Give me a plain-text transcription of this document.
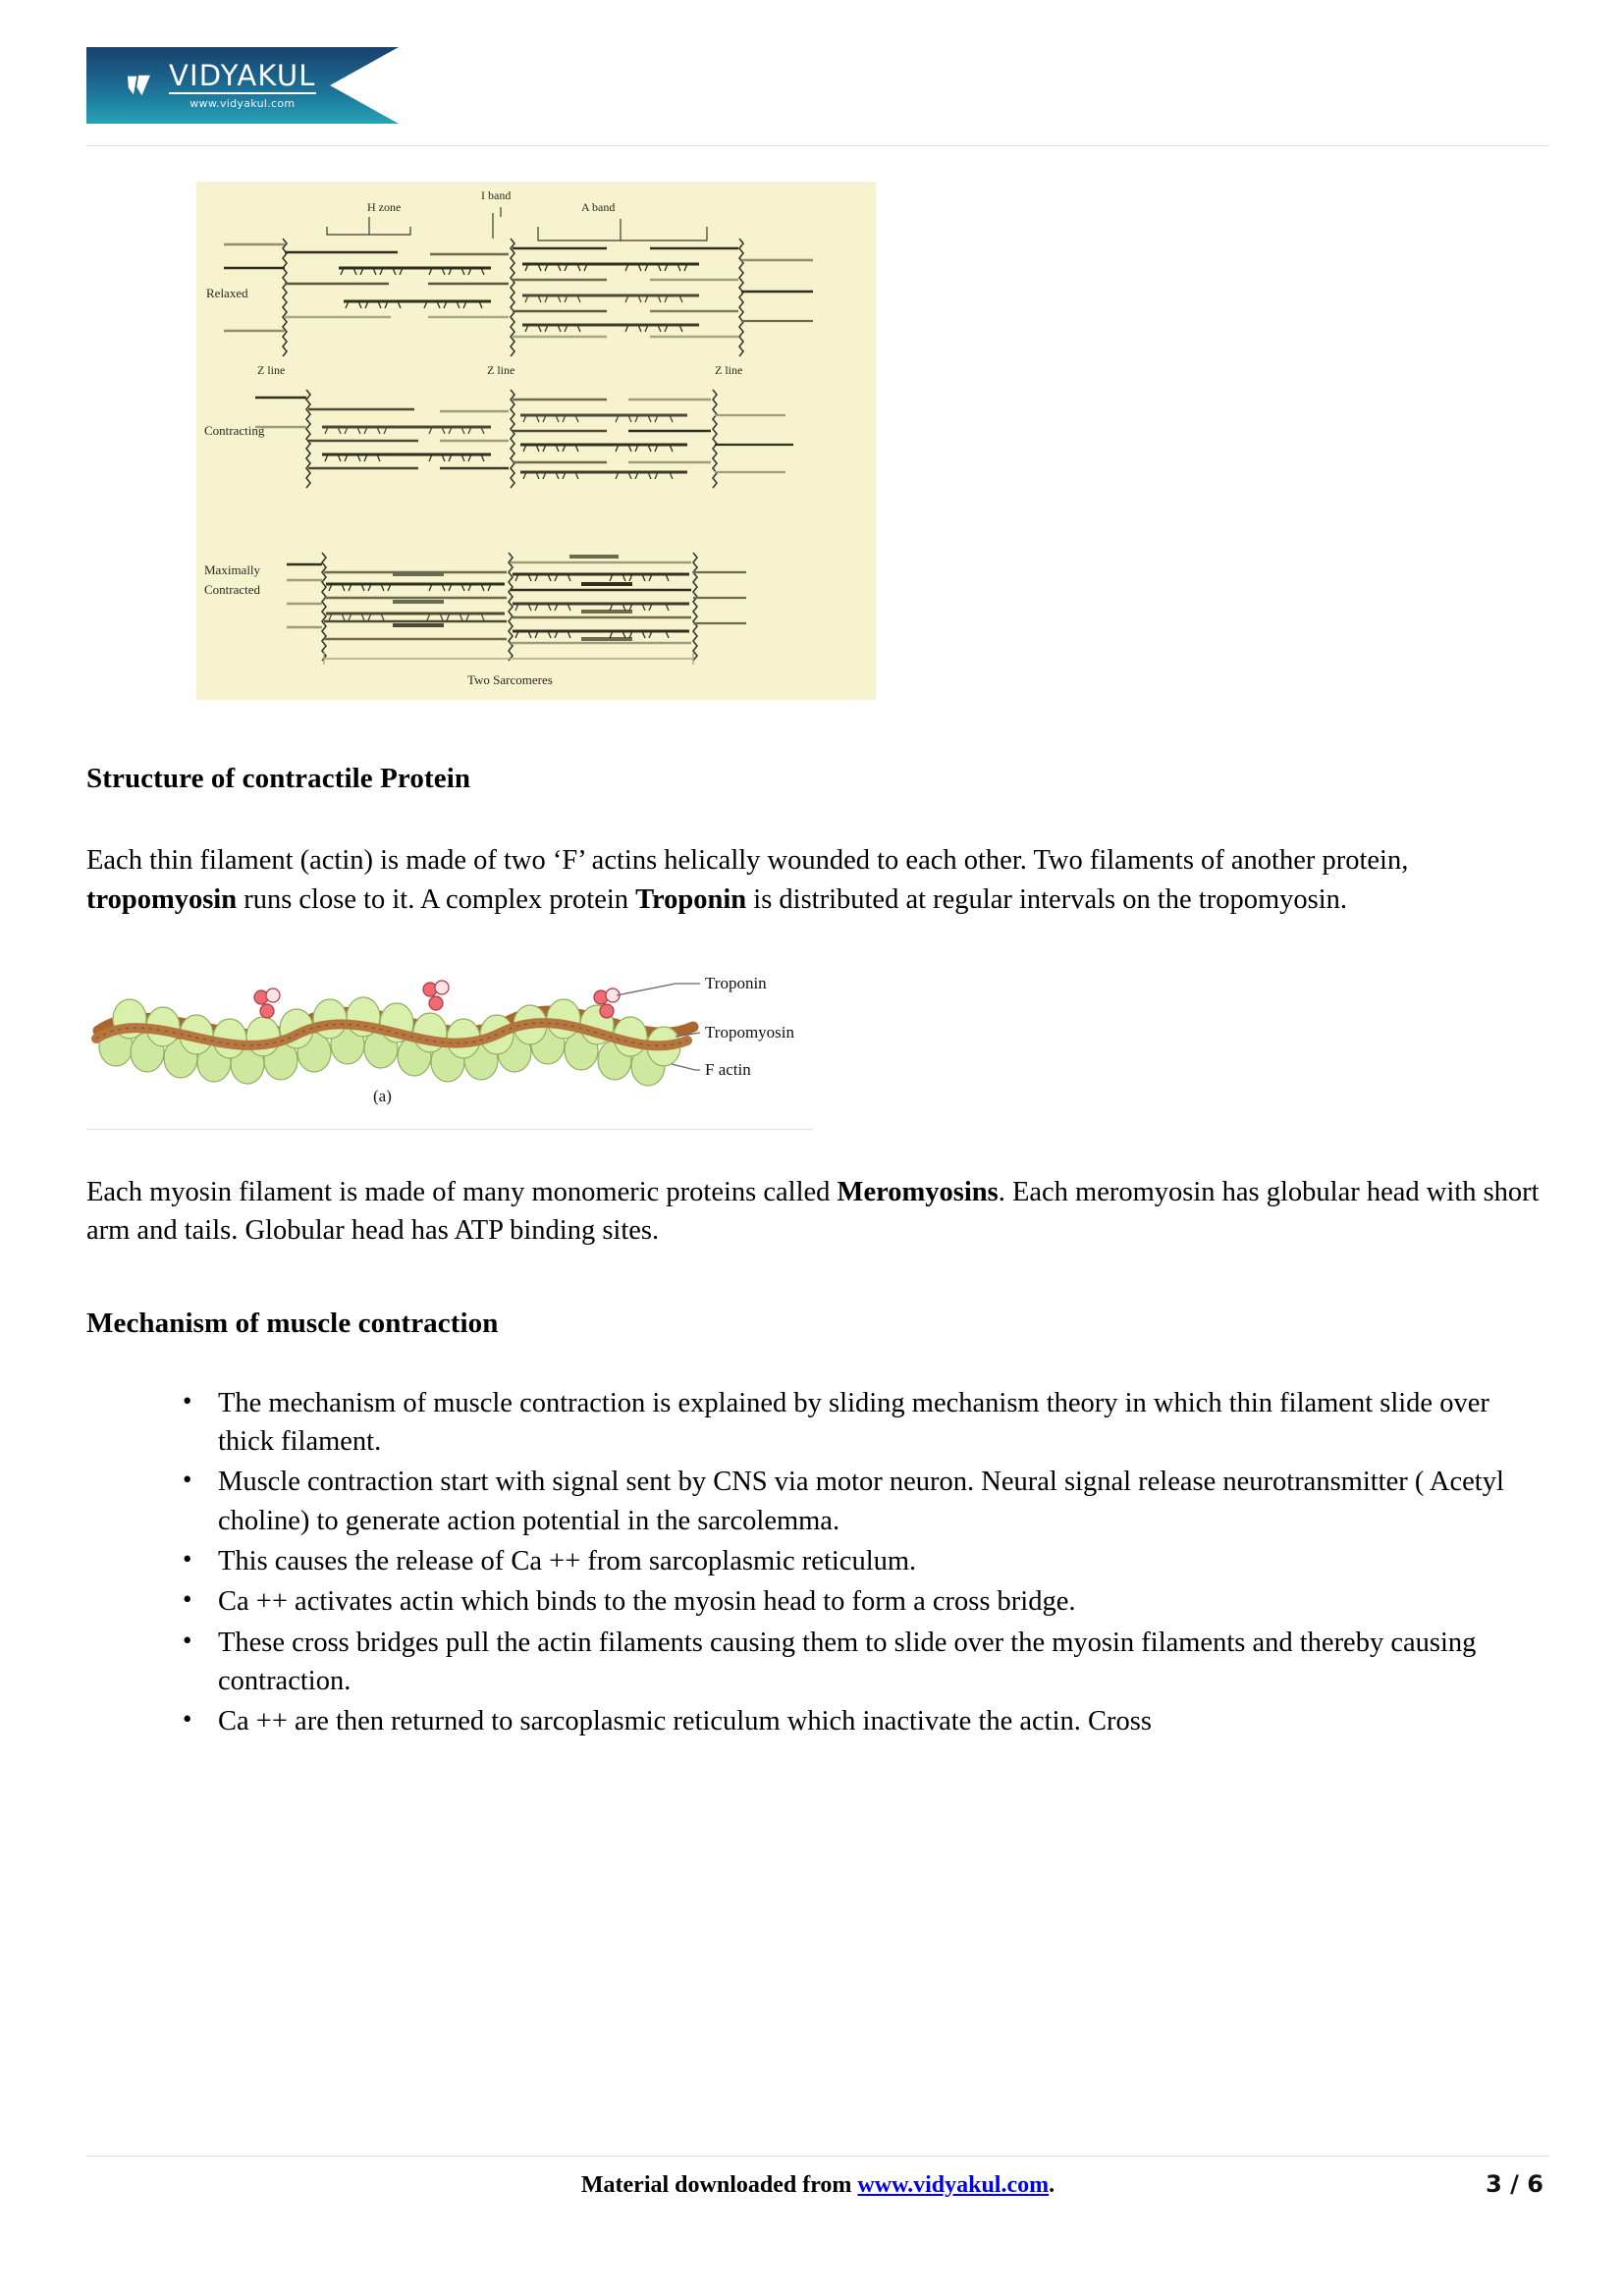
VIDYAKUL
www.vidyakul.com
H zone
I band
A band
Relaxed
Z line	Z line	Z line
Contracting
Maximally
Contracted
Two Sarcomeres
Structure of contractile Protein

Each thin filament (actin) is made of two ‘F’ actins helically wounded to each other. Two filaments of another protein, tropomyosin runs close to it. A complex protein Troponin is distributed at regular intervals on the tropomyosin.

Troponin
Tropomyosin
F actin
(a)

Each myosin filament is made of many monomeric proteins called Meromyosins. Each meromyosin has globular head with short arm and tails. Globular head has ATP binding sites.

Mechanism of muscle contraction
• The mechanism of muscle contraction is explained by sliding mechanism theory in which thin filament slide over thick filament.
• Muscle contraction start with signal sent by CNS via motor neuron. Neural signal release neurotransmitter ( Acetyl choline) to generate action potential in the sarcolemma.
• This causes the release of Ca ++ from sarcoplasmic reticulum.
• Ca ++ activates actin which binds to the myosin head to form a cross bridge.
• These cross bridges pull the actin filaments causing them to slide over the myosin filaments and thereby causing contraction.
• Ca ++ are then returned to sarcoplasmic reticulum which inactivate the actin. Cross
Material downloaded from www.vidyakul.com.	3 / 6
